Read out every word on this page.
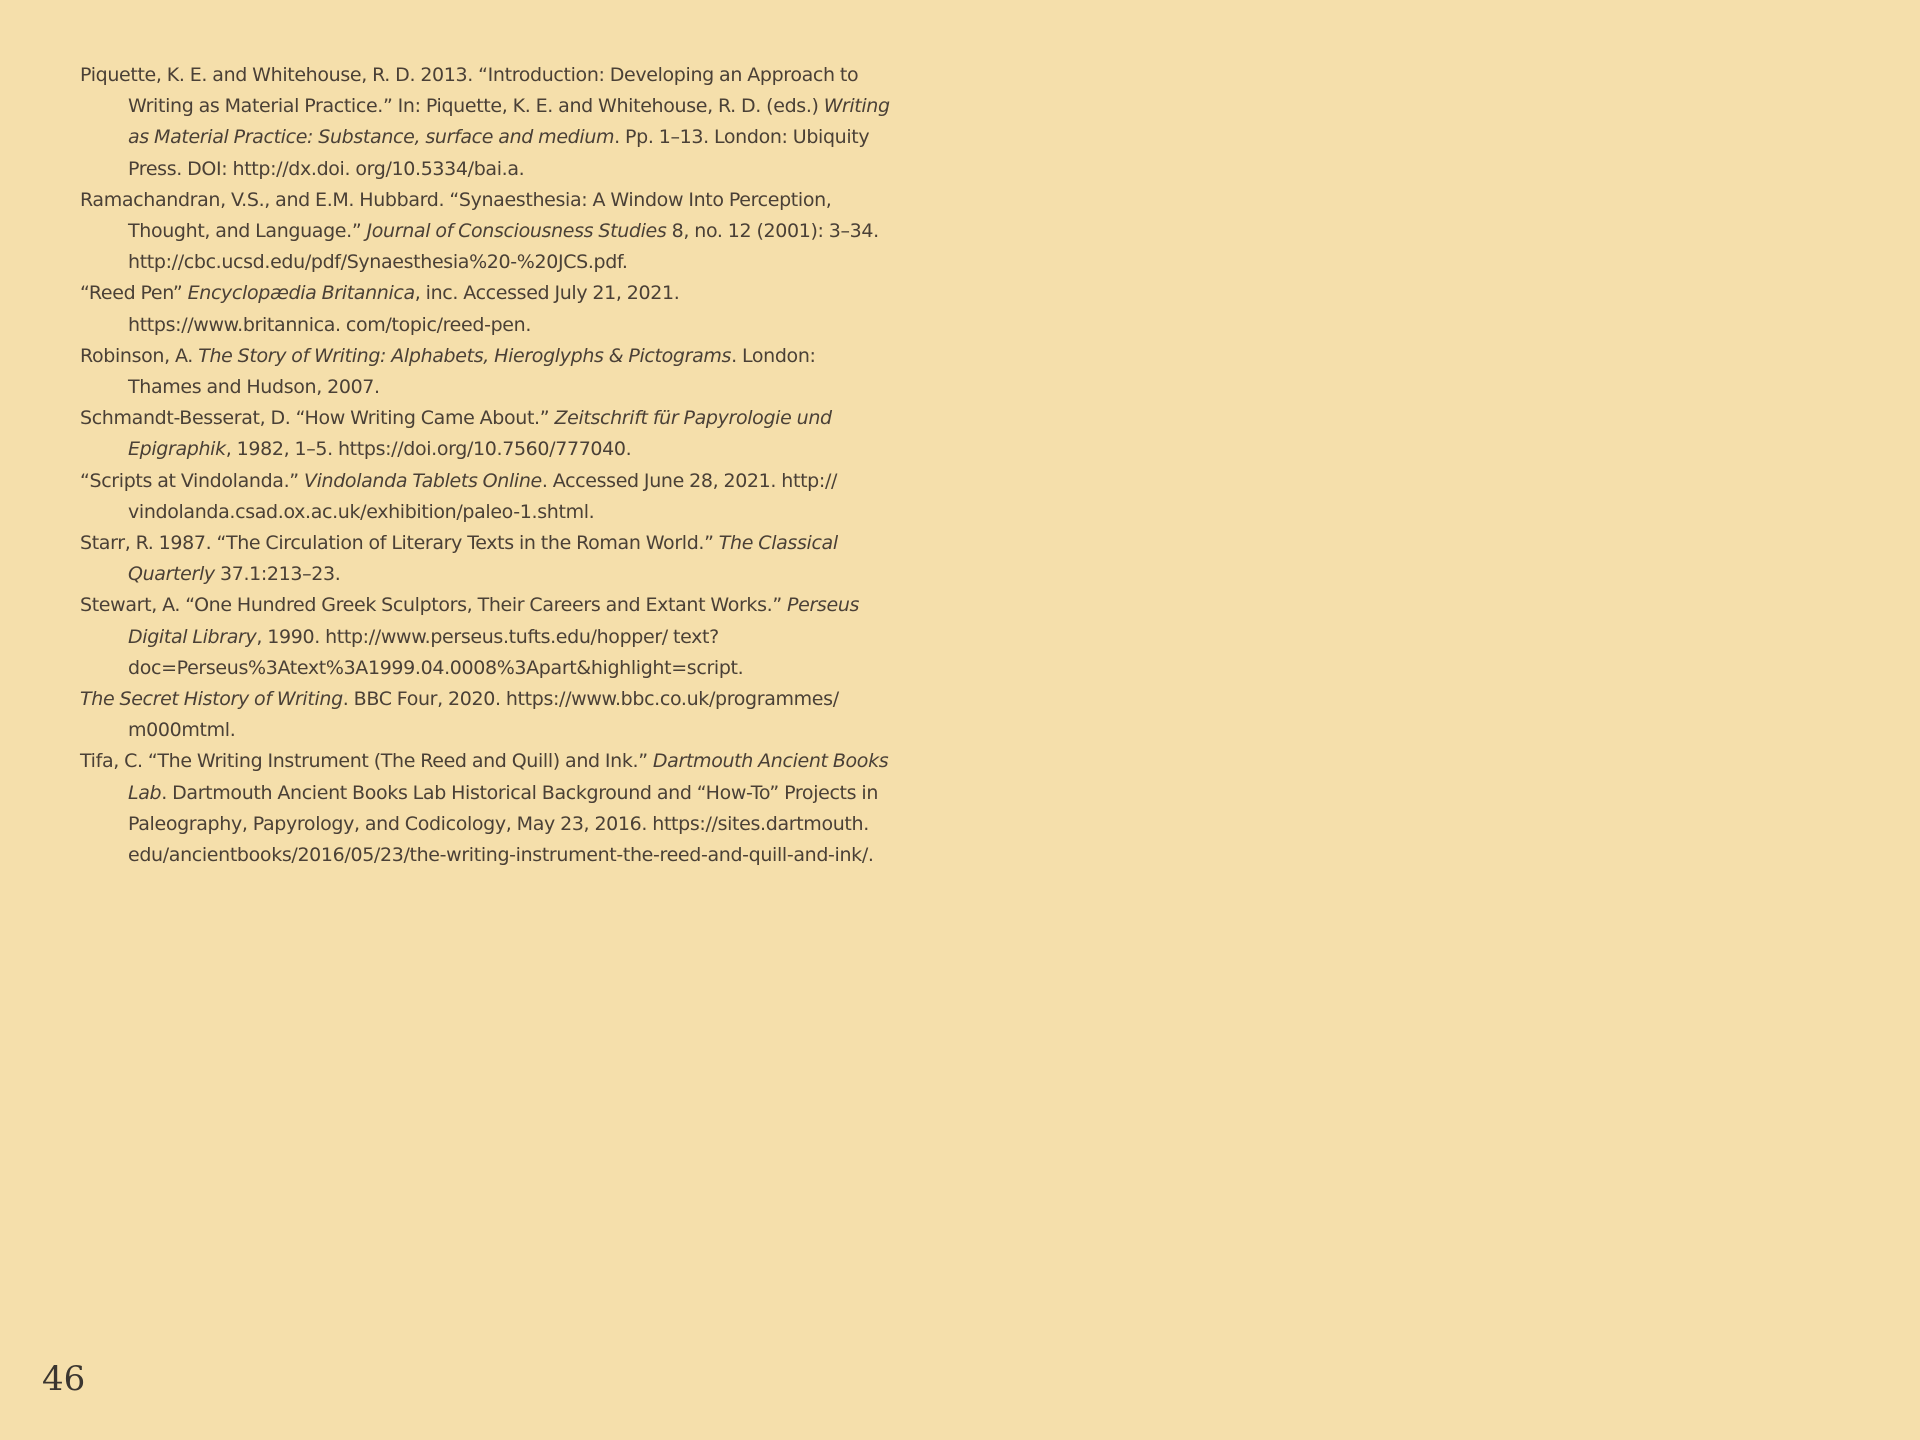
Piquette, K. E. and Whitehouse, R. D. 2013. “Introduction: Developing an Approach to Writing as Material Practice.” In: Piquette, K. E. and Whitehouse, R. D. (eds.) Writing as Material Practice: Substance, surface and medium. Pp. 1–13. London: Ubiquity Press. DOI: http://dx.doi. org/10.5334/bai.a.

Ramachandran, V.S., and E.M. Hubbard. “Synaesthesia: A Window Into Perception, Thought, and Language.” Journal of Consciousness Studies 8, no. 12 (2001): 3–34. http://cbc.ucsd.edu/pdf/Synaesthesia%20-%20JCS.pdf.

“Reed Pen” Encyclopædia Britannica, inc. Accessed July 21, 2021. https://www.britannica. com/topic/reed-pen.

Robinson, A. The Story of Writing: Alphabets, Hieroglyphs & Pictograms. London: Thames and Hudson, 2007.

Schmandt-Besserat, D. “How Writing Came About.” Zeitschrift für Papyrologie und Epigraphik, 1982, 1–5. https://doi.org/10.7560/777040.

“Scripts at Vindolanda.” Vindolanda Tablets Online. Accessed June 28, 2021. http:// vindolanda.csad.ox.ac.uk/exhibition/paleo-1.shtml.

Starr, R. 1987. “The Circulation of Literary Texts in the Roman World.” The Classical Quarterly 37.1:213–23.

Stewart, A. “One Hundred Greek Sculptors, Their Careers and Extant Works.” Perseus Digital Library, 1990. http://www.perseus.tufts.edu/hopper/ text?doc=Perseus%3Atext%3A1999.04.0008%3Apart&highlight=script.

The Secret History of Writing. BBC Four, 2020. https://www.bbc.co.uk/programmes/ m000mtml.

Tifa, C. “The Writing Instrument (The Reed and Quill) and Ink.” Dartmouth Ancient Books Lab. Dartmouth Ancient Books Lab Historical Background and “How-To” Projects in Paleography, Papyrology, and Codicology, May 23, 2016. https://sites.dartmouth. edu/ancientbooks/2016/05/23/the-writing-instrument-the-reed-and-quill-and-ink/.

46
